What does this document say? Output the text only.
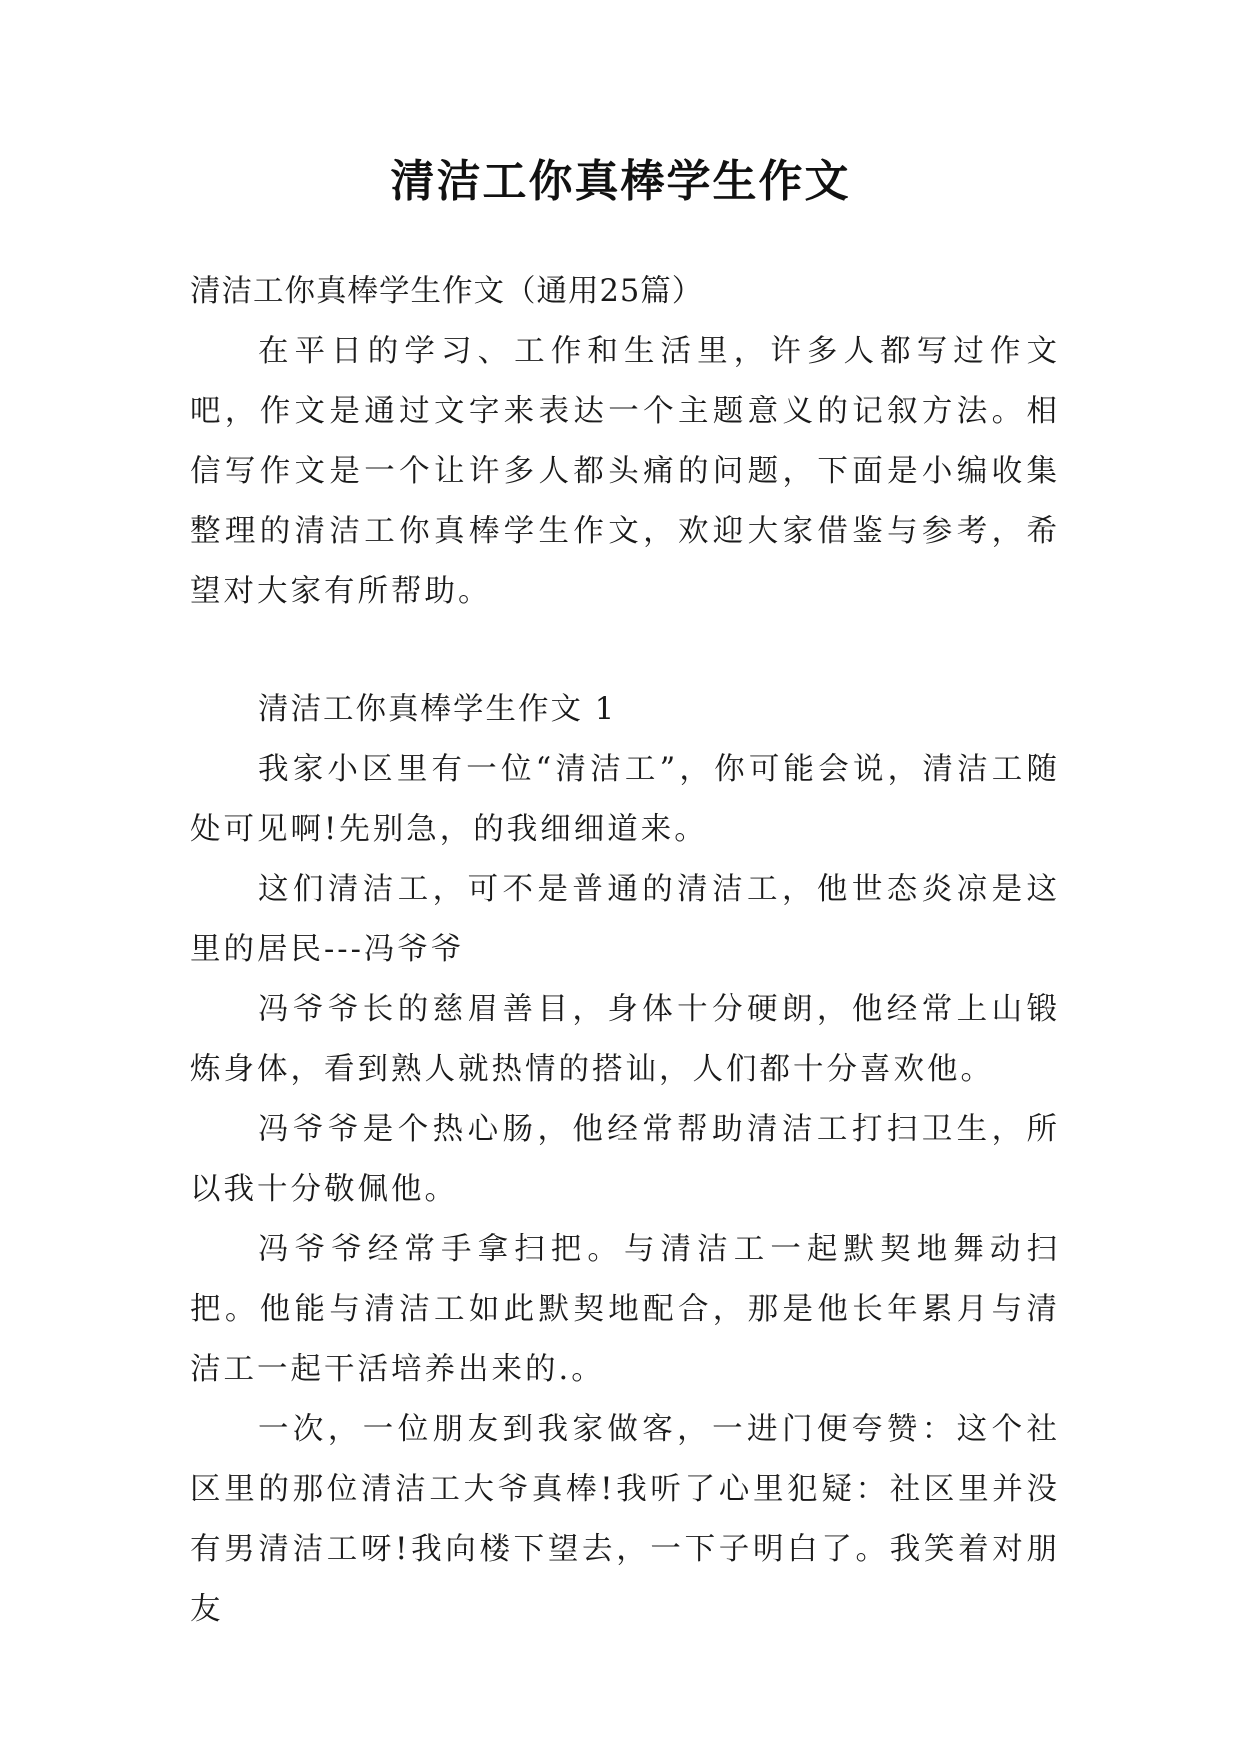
清洁工你真棒学生作文

清洁工你真棒学生作文（通用25篇）

在平日的学习、工作和生活里，许多人都写过作文吧，作文是通过文字来表达一个主题意义的记叙方法。相信写作文是一个让许多人都头痛的问题，下面是小编收集整理的清洁工你真棒学生作文，欢迎大家借鉴与参考，希望对大家有所帮助。

清洁工你真棒学生作文 1

我家小区里有一位“清洁工”，你可能会说，清洁工随处可见啊!先别急，的我细细道来。

这们清洁工，可不是普通的清洁工，他世态炎凉是这里的居民---冯爷爷

冯爷爷长的慈眉善目，身体十分硬朗，他经常上山锻炼身体，看到熟人就热情的搭讪，人们都十分喜欢他。

冯爷爷是个热心肠，他经常帮助清洁工打扫卫生，所以我十分敬佩他。

冯爷爷经常手拿扫把。与清洁工一起默契地舞动扫把。他能与清洁工如此默契地配合，那是他长年累月与清洁工一起干活培养出来的.。

一次，一位朋友到我家做客，一进门便夸赞：这个社区里的那位清洁工大爷真棒!我听了心里犯疑：社区里并没有男清洁工呀!我向楼下望去，一下子明白了。我笑着对朋友
